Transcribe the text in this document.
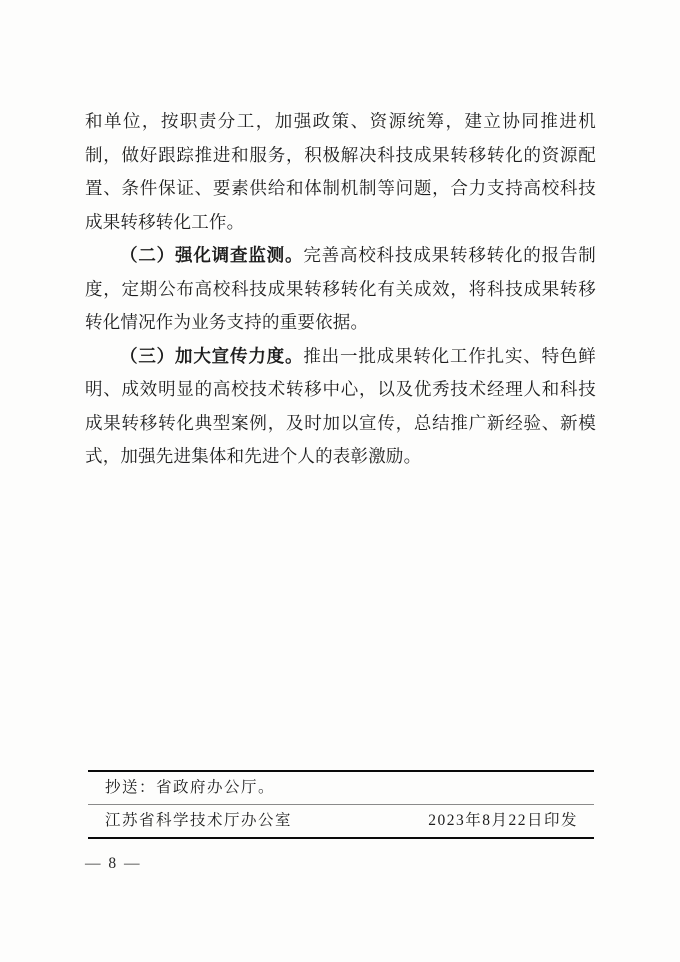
和单位，按职责分工，加强政策、资源统筹，建立协同推进机制，做好跟踪推进和服务，积极解决科技成果转移转化的资源配置、条件保证、要素供给和体制机制等问题，合力支持高校科技成果转移转化工作。

（二）强化调查监测。完善高校科技成果转移转化的报告制度，定期公布高校科技成果转移转化有关成效，将科技成果转移转化情况作为业务支持的重要依据。

（三）加大宣传力度。推出一批成果转化工作扎实、特色鲜明、成效明显的高校技术转移中心，以及优秀技术经理人和科技成果转移转化典型案例，及时加以宣传，总结推广新经验、新模式，加强先进集体和先进个人的表彰激励。

抄送：省政府办公厅。
江苏省科学技术厅办公室	2023年8月22日印发
— 8 —
